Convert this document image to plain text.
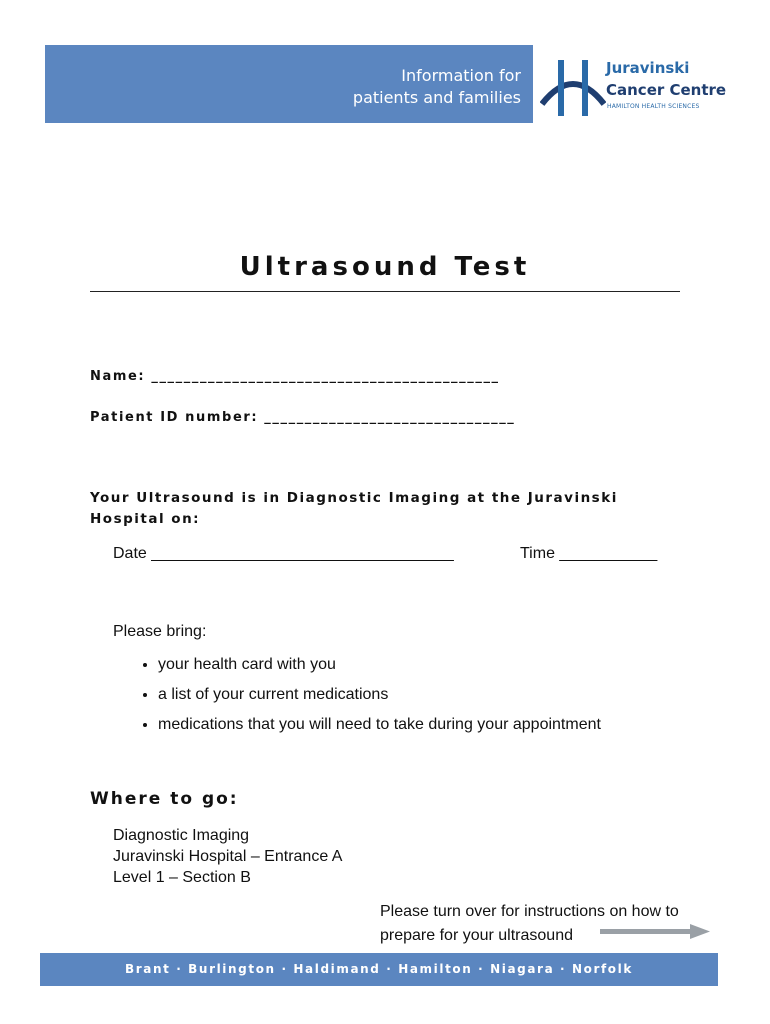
Information for
patients and families
Juravinski
Cancer Centre
HAMILTON HEALTH SCIENCES
Ultrasound Test
Name: ___________________________________________
Patient ID number: _______________________________
Your Ultrasound is in Diagnostic Imaging at the Juravinski Hospital on:
Date __________________________________	Time ___________
Please bring:
• your health card with you
• a list of your current medications
• medications that you will need to take during your appointment
Where to go:
Diagnostic Imaging
Juravinski Hospital – Entrance A
Level 1 – Section B
Please turn over for instructions on how to
prepare for your ultrasound
Brant · Burlington · Haldimand · Hamilton · Niagara · Norfolk
